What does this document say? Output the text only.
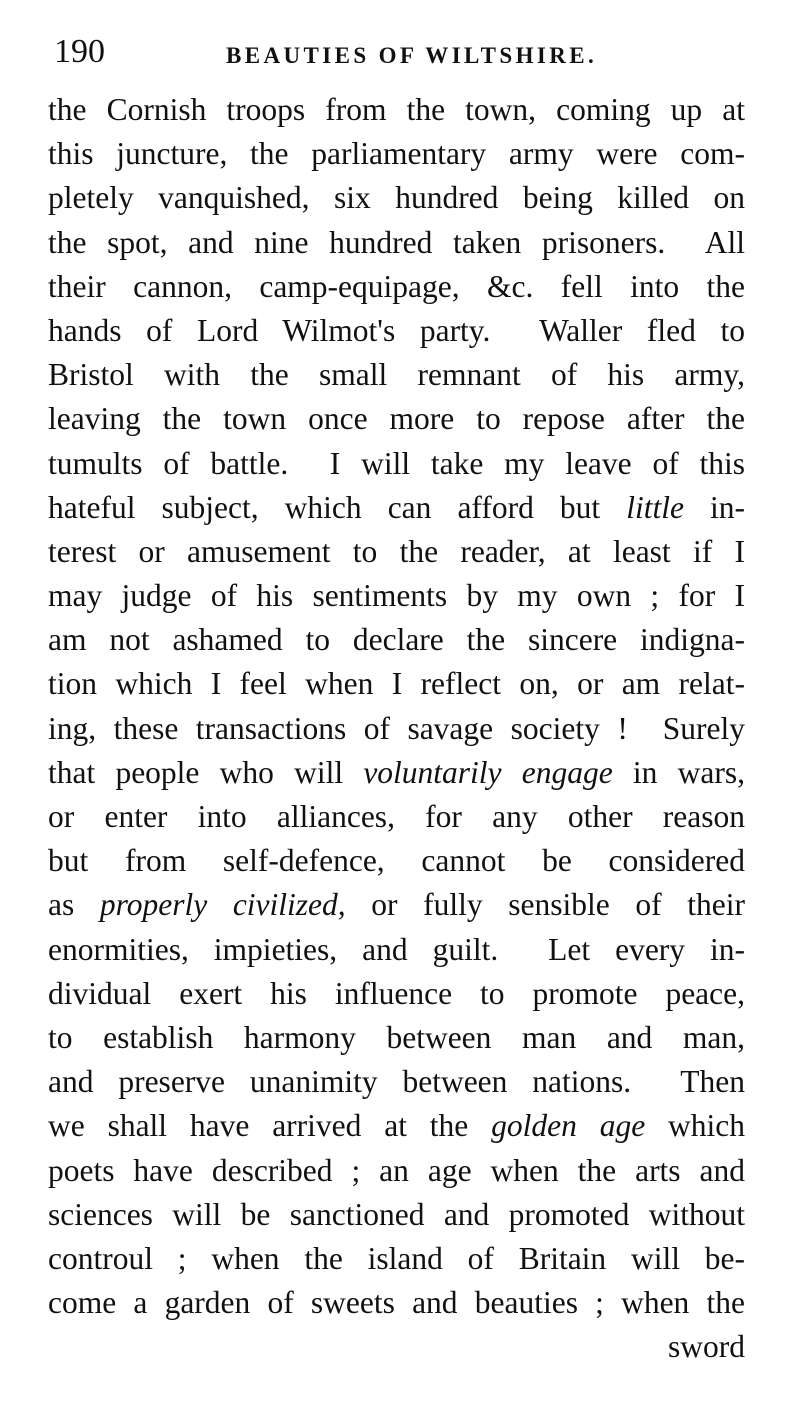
190	BEAUTIES OF WILTSHIRE.
the Cornish troops from the town, coming up at
this juncture, the parliamentary army were com-
pletely vanquished, six hundred being killed on
the spot, and nine hundred taken prisoners.  All
their cannon, camp-equipage, &c. fell into the
hands of Lord Wilmot's party.  Waller fled to
Bristol with the small remnant of his army,
leaving the town once more to repose after the
tumults of battle.  I will take my leave of this
hateful subject, which can afford but little in-
terest or amusement to the reader, at least if I
may judge of his sentiments by my own ; for I
am not ashamed to declare the sincere indigna-
tion which I feel when I reflect on, or am relat-
ing, these transactions of savage society !  Surely
that people who will voluntarily engage in wars,
or enter into alliances, for any other reason
but from self-defence, cannot be considered
as properly civilized, or fully sensible of their
enormities, impieties, and guilt.  Let every in-
dividual exert his influence to promote peace,
to establish harmony between man and man,
and preserve unanimity between nations.  Then
we shall have arrived at the golden age which
poets have described ; an age when the arts and
sciences will be sanctioned and promoted without
controul ; when the island of Britain will be-
come a garden of sweets and beauties ; when the
sword
